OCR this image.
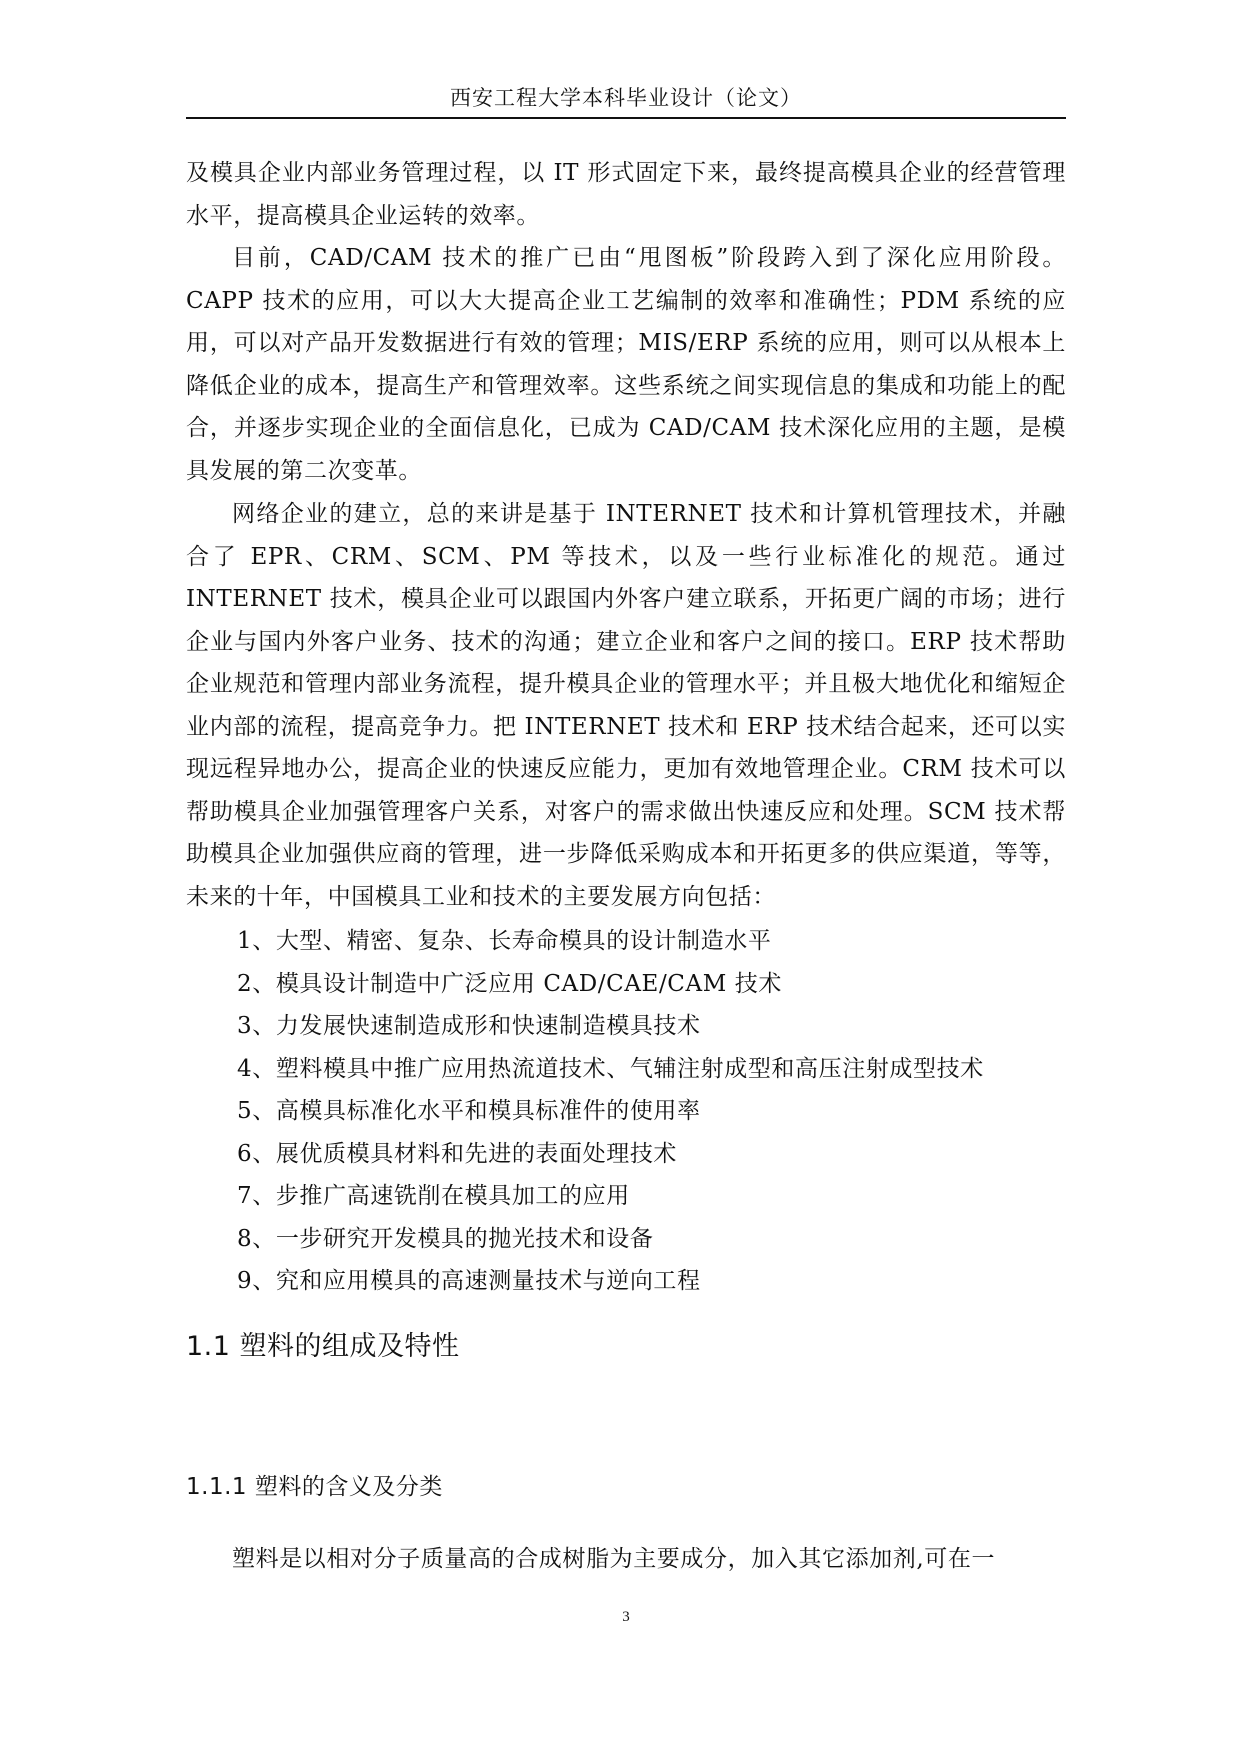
西安工程大学本科毕业设计（论文）
及模具企业内部业务管理过程，以 IT 形式固定下来，最终提高模具企业的经营管理水平，提高模具企业运转的效率。
目前，CAD/CAM 技术的推广已由“甩图板”阶段跨入到了深化应用阶段。CAPP 技术的应用，可以大大提高企业工艺编制的效率和准确性；PDM 系统的应用，可以对产品开发数据进行有效的管理；MIS/ERP 系统的应用，则可以从根本上降低企业的成本，提高生产和管理效率。这些系统之间实现信息的集成和功能上的配合，并逐步实现企业的全面信息化，已成为 CAD/CAM 技术深化应用的主题，是模具发展的第二次变革。
网络企业的建立，总的来讲是基于 INTERNET 技术和计算机管理技术，并融合了 EPR、CRM、SCM、PM 等技术，以及一些行业标准化的规范。通过 INTERNET 技术，模具企业可以跟国内外客户建立联系，开拓更广阔的市场；进行企业与国内外客户业务、技术的沟通；建立企业和客户之间的接口。ERP 技术帮助企业规范和管理内部业务流程，提升模具企业的管理水平；并且极大地优化和缩短企业内部的流程，提高竞争力。把 INTERNET 技术和 ERP 技术结合起来，还可以实现远程异地办公，提高企业的快速反应能力，更加有效地管理企业。CRM 技术可以帮助模具企业加强管理客户关系，对客户的需求做出快速反应和处理。SCM 技术帮助模具企业加强供应商的管理，进一步降低采购成本和开拓更多的供应渠道，等等，未来的十年，中国模具工业和技术的主要发展方向包括：
1、大型、精密、复杂、长寿命模具的设计制造水平
2、模具设计制造中广泛应用 CAD/CAE/CAM 技术
3、力发展快速制造成形和快速制造模具技术
4、塑料模具中推广应用热流道技术、气辅注射成型和高压注射成型技术
5、高模具标准化水平和模具标准件的使用率
6、展优质模具材料和先进的表面处理技术
7、步推广高速铣削在模具加工的应用
8、一步研究开发模具的抛光技术和设备
9、究和应用模具的高速测量技术与逆向工程
1.1 塑料的组成及特性
1.1.1 塑料的含义及分类
塑料是以相对分子质量高的合成树脂为主要成分，加入其它添加剂,可在一
3
